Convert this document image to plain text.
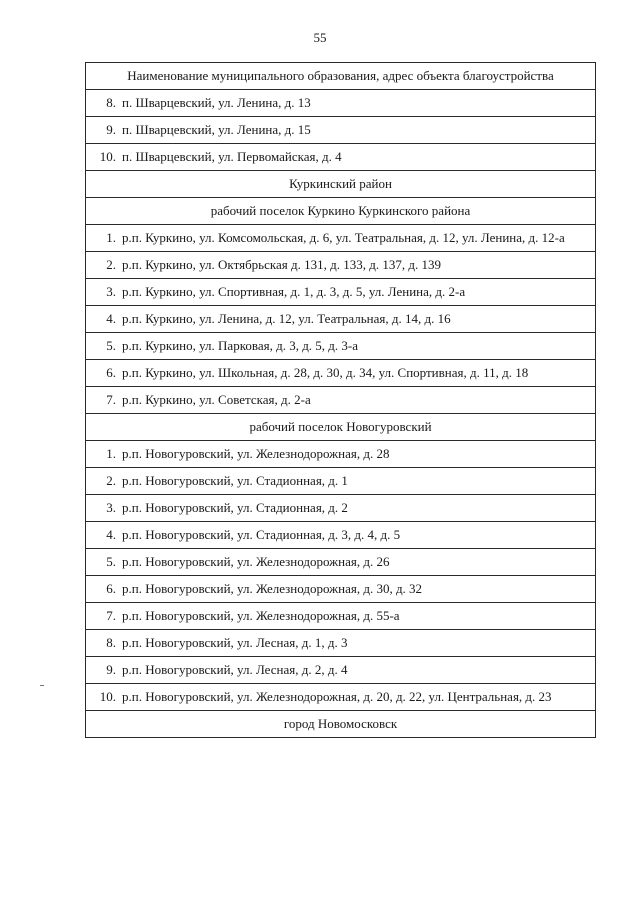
55
Наименование муниципального образования, адрес объекта благоустройства

8. п. Шварцевский, ул. Ленина, д. 13

9. п. Шварцевский, ул. Ленина, д. 15

10. п. Шварцевский, ул. Первомайская, д. 4

Куркинский район
рабочий поселок Куркино Куркинского района

1. р.п. Куркино, ул. Комсомольская, д. 6, ул. Театральная, д. 12, ул. Ленина, д. 12-а

2. р.п. Куркино, ул. Октябрьская д. 131, д. 133, д. 137, д. 139

3. р.п. Куркино, ул. Спортивная, д. 1, д. 3, д. 5, ул. Ленина, д. 2-а

4. р.п. Куркино, ул. Ленина, д. 12, ул. Театральная, д. 14, д. 16

5. р.п. Куркино, ул. Парковая, д. 3, д. 5, д. 3-а

6. р.п. Куркино, ул. Школьная, д. 28, д. 30, д. 34, ул. Спортивная, д. 11, д. 18

7. р.п. Куркино, ул. Советская, д. 2-а

рабочий поселок Новогуровский

1. р.п. Новогуровский, ул. Железнодорожная, д. 28

2. р.п. Новогуровский, ул. Стадионная, д. 1

3. р.п. Новогуровский, ул. Стадионная, д. 2

4. р.п. Новогуровский, ул. Стадионная, д. 3, д. 4, д. 5

5. р.п. Новогуровский, ул. Железнодорожная, д. 26

6. р.п. Новогуровский, ул. Железнодорожная, д. 30, д. 32

7. р.п. Новогуровский, ул. Железнодорожная, д. 55-а

8. р.п. Новогуровский, ул. Лесная, д. 1, д. 3

9. р.п. Новогуровский, ул. Лесная, д. 2, д. 4

10. р.п. Новогуровский, ул. Железнодорожная, д. 20, д. 22, ул. Центральная, д. 23

город Новомосковск
